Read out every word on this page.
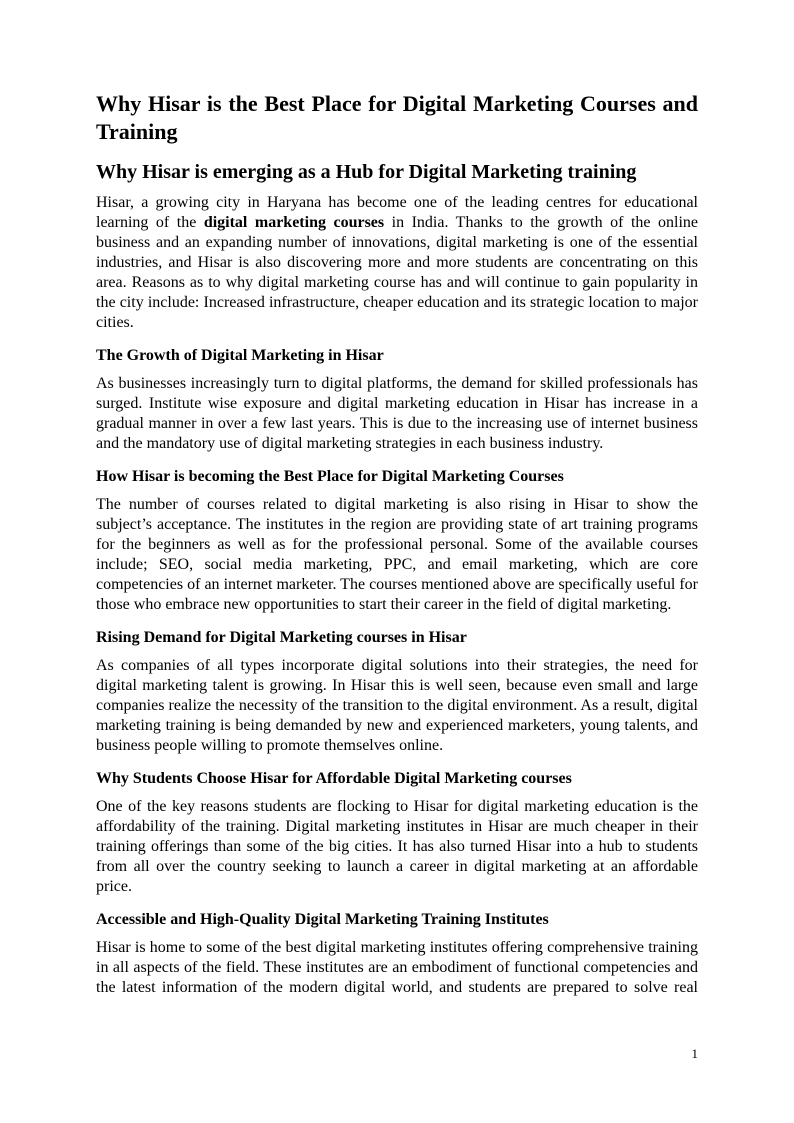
Why Hisar is the Best Place for Digital Marketing Courses and Training
Why Hisar is emerging as a Hub for Digital Marketing training

Hisar, a growing city in Haryana has become one of the leading centres for educational learning of the digital marketing courses in India. Thanks to the growth of the online business and an expanding number of innovations, digital marketing is one of the essential industries, and Hisar is also discovering more and more students are concentrating on this area. Reasons as to why digital marketing course has and will continue to gain popularity in the city include: Increased infrastructure, cheaper education and its strategic location to major cities.

The Growth of Digital Marketing in Hisar

As businesses increasingly turn to digital platforms, the demand for skilled professionals has surged. Institute wise exposure and digital marketing education in Hisar has increase in a gradual manner in over a few last years. This is due to the increasing use of internet business and the mandatory use of digital marketing strategies in each business industry.

How Hisar is becoming the Best Place for Digital Marketing Courses

The number of courses related to digital marketing is also rising in Hisar to show the subject’s acceptance. The institutes in the region are providing state of art training programs for the beginners as well as for the professional personal. Some of the available courses include; SEO, social media marketing, PPC, and email marketing, which are core competencies of an internet marketer. The courses mentioned above are specifically useful for those who embrace new opportunities to start their career in the field of digital marketing.

Rising Demand for Digital Marketing courses in Hisar

As companies of all types incorporate digital solutions into their strategies, the need for digital marketing talent is growing. In Hisar this is well seen, because even small and large companies realize the necessity of the transition to the digital environment. As a result, digital marketing training is being demanded by new and experienced marketers, young talents, and business people willing to promote themselves online.

Why Students Choose Hisar for Affordable Digital Marketing courses

One of the key reasons students are flocking to Hisar for digital marketing education is the affordability of the training. Digital marketing institutes in Hisar are much cheaper in their training offerings than some of the big cities. It has also turned Hisar into a hub to students from all over the country seeking to launch a career in digital marketing at an affordable price.

Accessible and High-Quality Digital Marketing Training Institutes

Hisar is home to some of the best digital marketing institutes offering comprehensive training in all aspects of the field. These institutes are an embodiment of functional competencies and the latest information of the modern digital world, and students are prepared to solve real

1
